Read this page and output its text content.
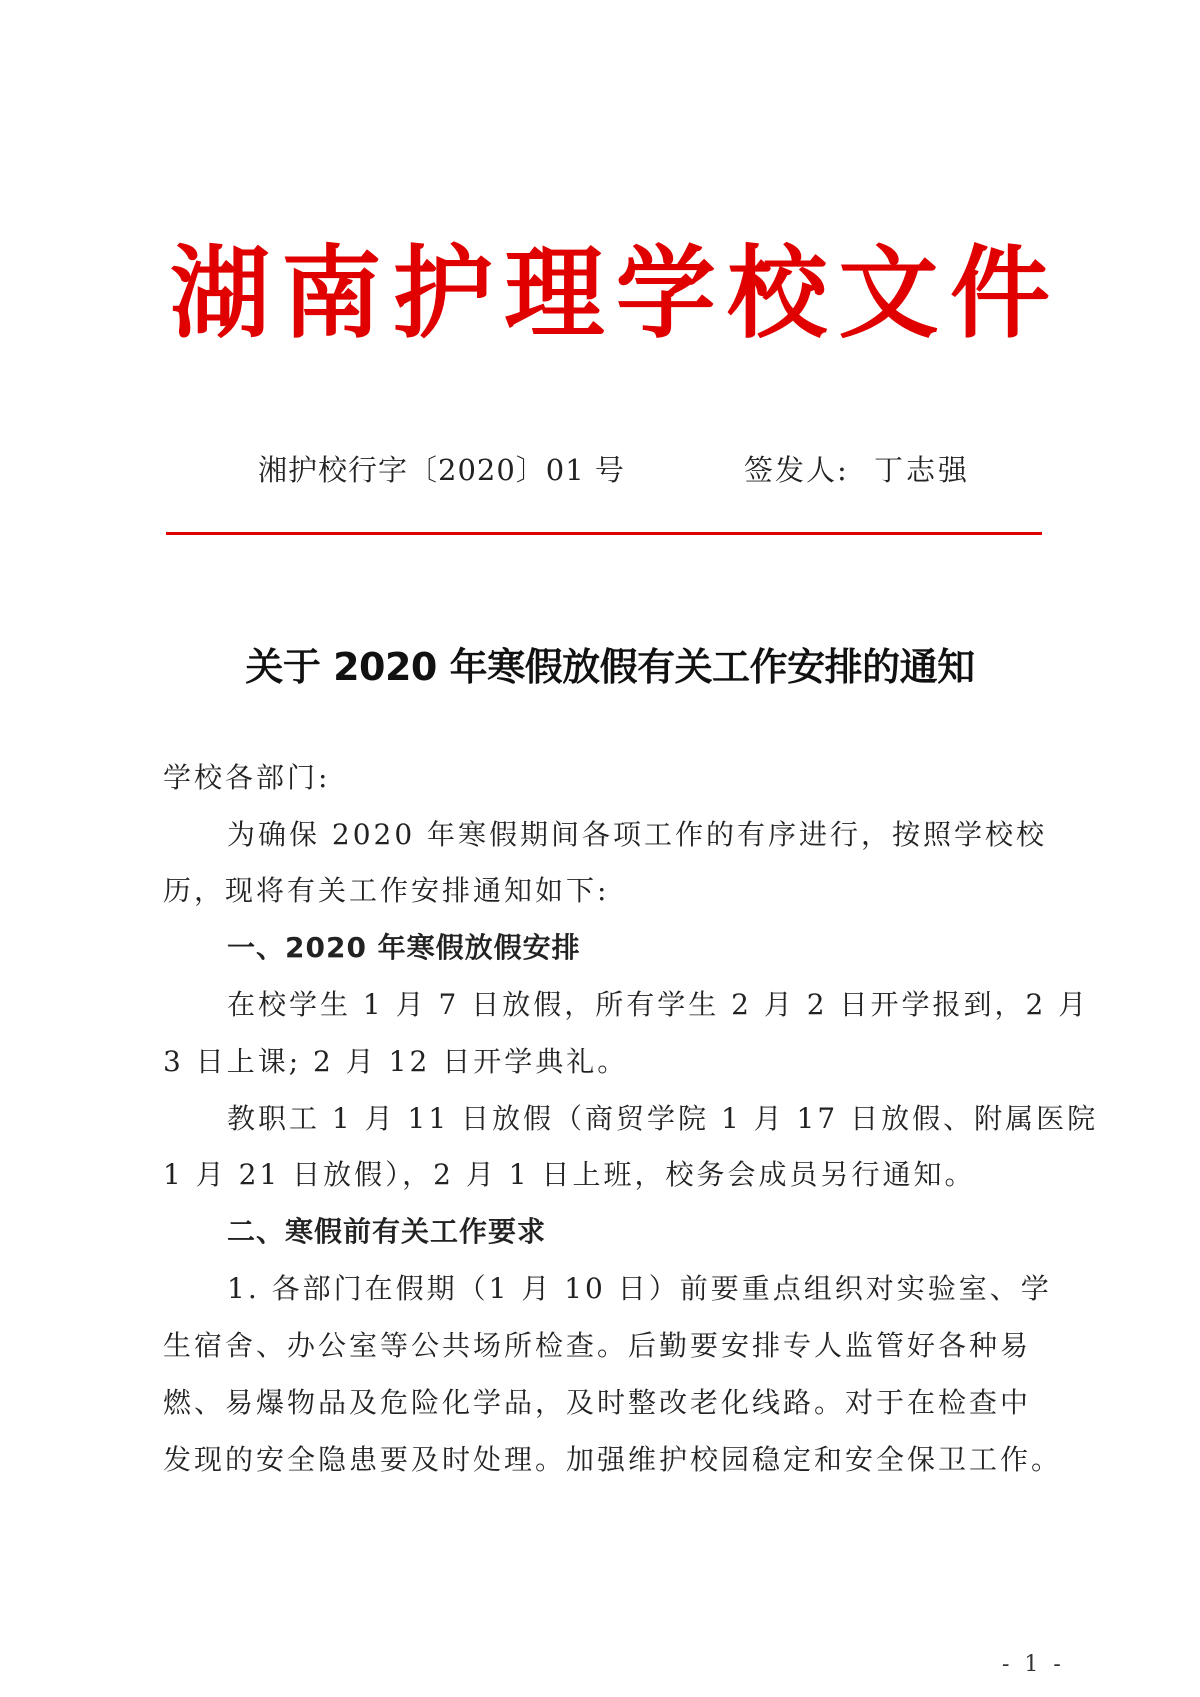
湖 南 护 理 学 校 文 件
湘护校行字〔2020〕01 号	签发人: 丁志强
关于 2020 年寒假放假有关工作安排的通知
学校各部门:
为确保 2020 年寒假期间各项工作的有序进行，按照学校校
历，现将有关工作安排通知如下:
一、2020 年寒假放假安排
在校学生 1 月 7 日放假，所有学生 2 月 2 日开学报到，2 月
3 日上课; 2 月 12 日开学典礼。
教职工 1 月 11 日放假（商贸学院 1 月 17 日放假、附属医院
1 月 21 日放假），2 月 1 日上班，校务会成员另行通知。
二、寒假前有关工作要求
1. 各部门在假期（1 月 10 日）前要重点组织对实验室、学
生宿舍、办公室等公共场所检查。后勤要安排专人监管好各种易
燃、易爆物品及危险化学品，及时整改老化线路。对于在检查中
发现的安全隐患要及时处理。加强维护校园稳定和安全保卫工作。
- 1 -
